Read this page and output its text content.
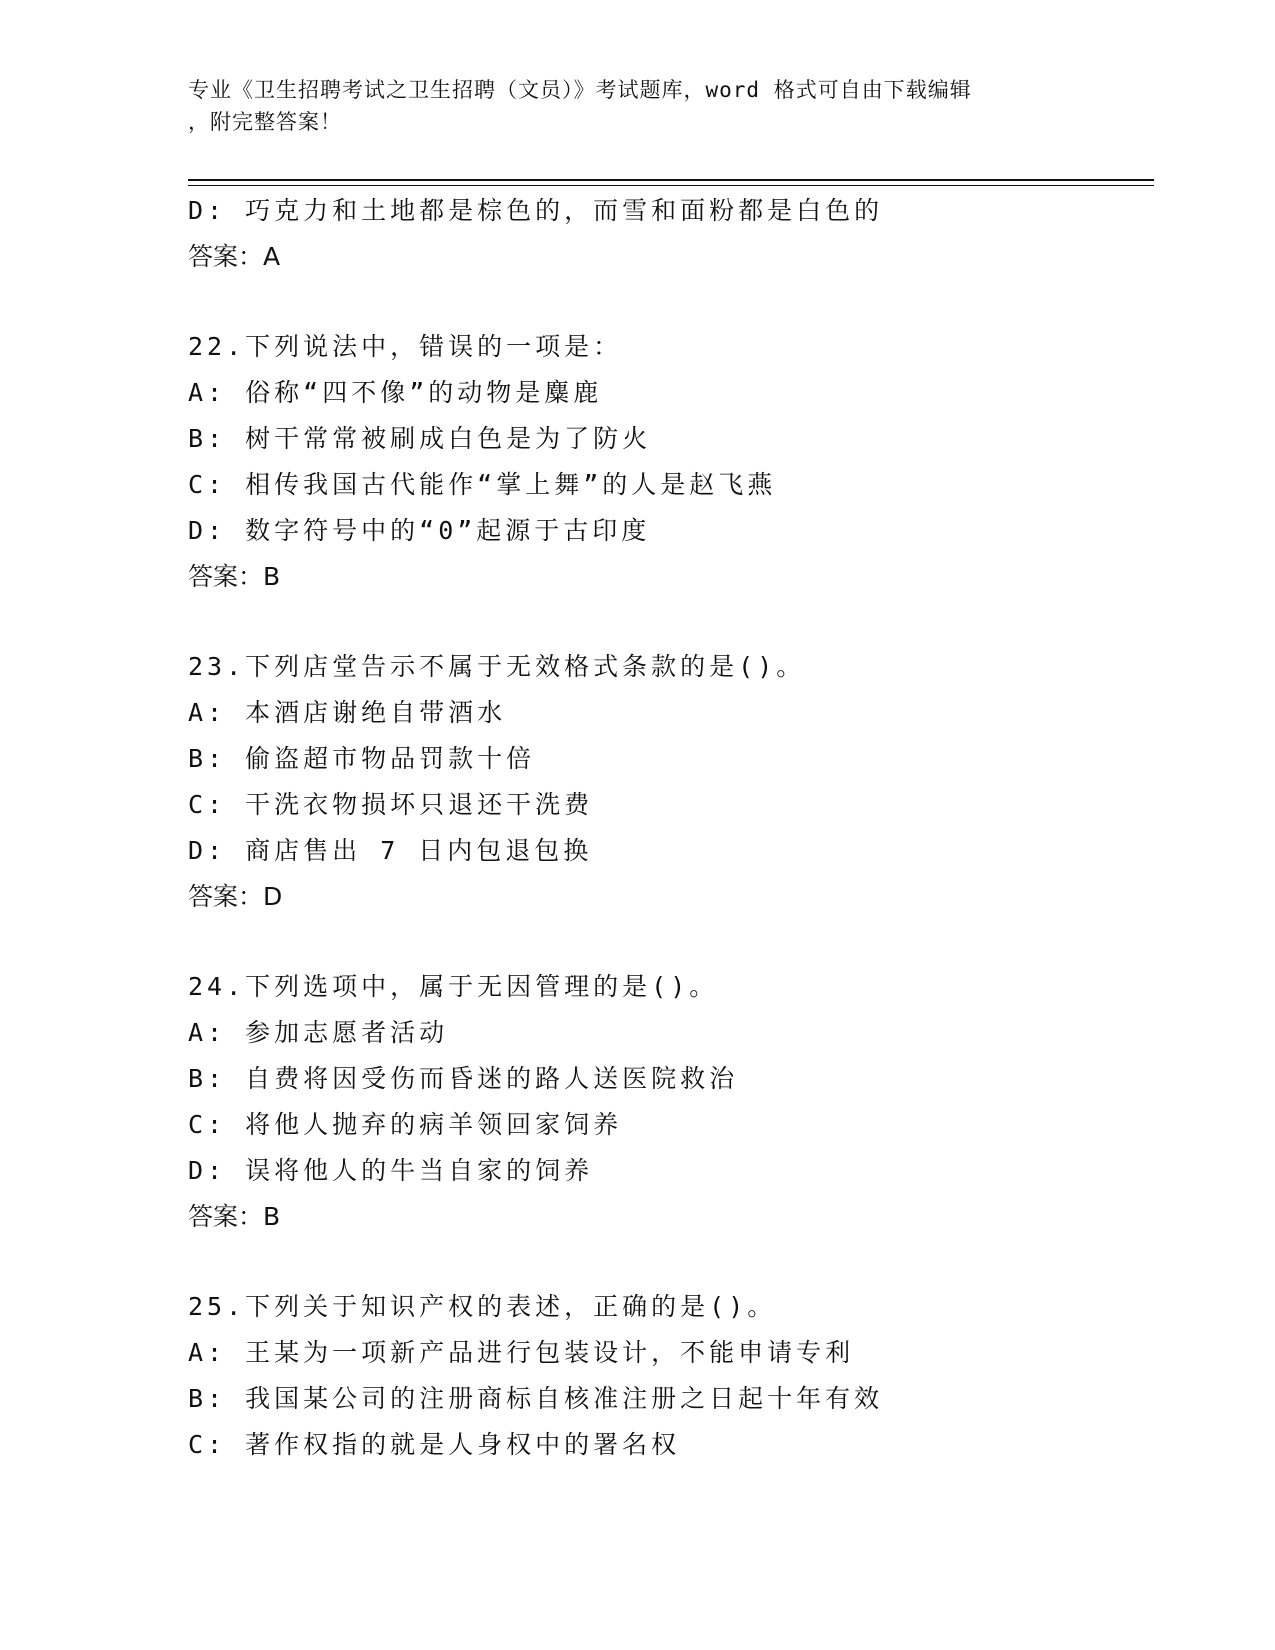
专业《卫生招聘考试之卫生招聘（文员）》考试题库，word 格式可自由下载编辑
，附完整答案！
D: 巧克力和土地都是棕色的，而雪和面粉都是白色的
答案：A
22.下列说法中，错误的一项是：
A: 俗称“四不像”的动物是麋鹿
B: 树干常常被刷成白色是为了防火
C: 相传我国古代能作“掌上舞”的人是赵飞燕
D: 数字符号中的“0”起源于古印度
答案：B
23.下列店堂告示不属于无效格式条款的是()。
A: 本酒店谢绝自带酒水
B: 偷盗超市物品罚款十倍
C: 干洗衣物损坏只退还干洗费
D: 商店售出 7 日内包退包换
答案：D
24.下列选项中，属于无因管理的是()。
A: 参加志愿者活动
B: 自费将因受伤而昏迷的路人送医院救治
C: 将他人抛弃的病羊领回家饲养
D: 误将他人的牛当自家的饲养
答案：B
25.下列关于知识产权的表述，正确的是()。
A: 王某为一项新产品进行包装设计，不能申请专利
B: 我国某公司的注册商标自核准注册之日起十年有效
C: 著作权指的就是人身权中的署名权
